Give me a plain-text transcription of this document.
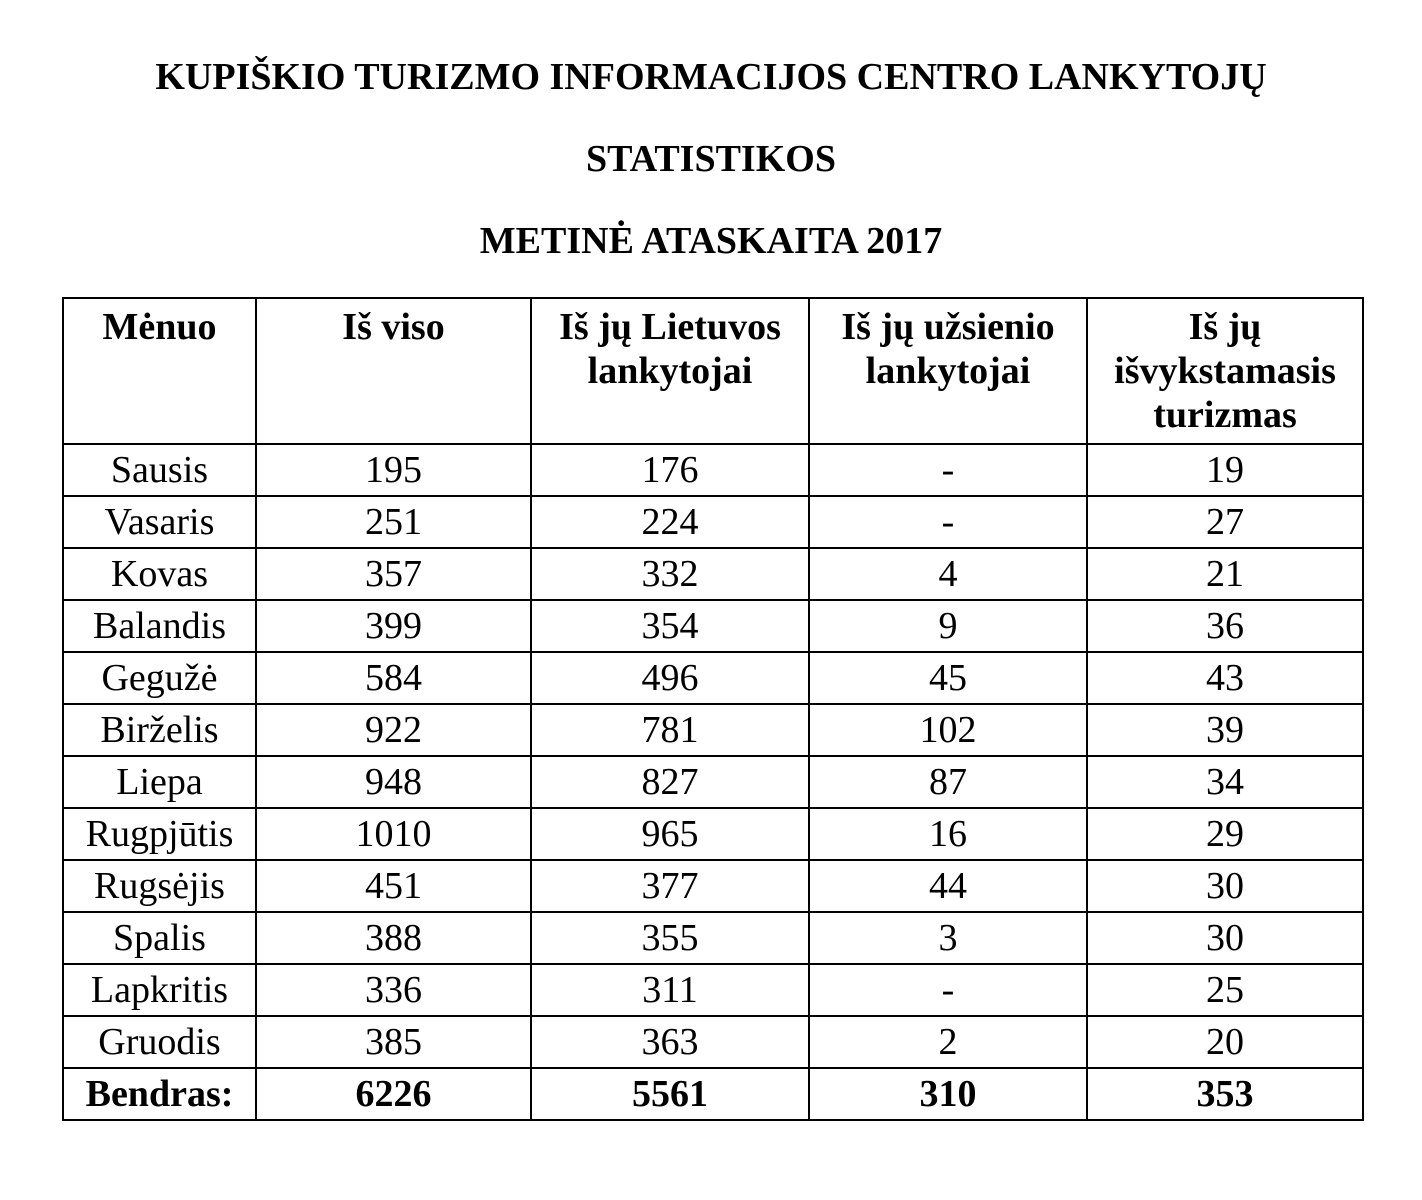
KUPIŠKIO TURIZMO INFORMACIJOS CENTRO LANKYTOJŲ
STATISTIKOS
METINĖ ATASKAITA 2017
Mėnuo	Iš viso	Iš jų Lietuvos lankytojai	Iš jų užsienio lankytojai	Iš jų išvykstamasis turizmas
Sausis	195	176	-	19
Vasaris	251	224	-	27
Kovas	357	332	4	21
Balandis	399	354	9	36
Gegužė	584	496	45	43
Birželis	922	781	102	39
Liepa	948	827	87	34
Rugpjūtis	1010	965	16	29
Rugsėjis	451	377	44	30
Spalis	388	355	3	30
Lapkritis	336	311	-	25
Gruodis	385	363	2	20
Bendras:	6226	5561	310	353
